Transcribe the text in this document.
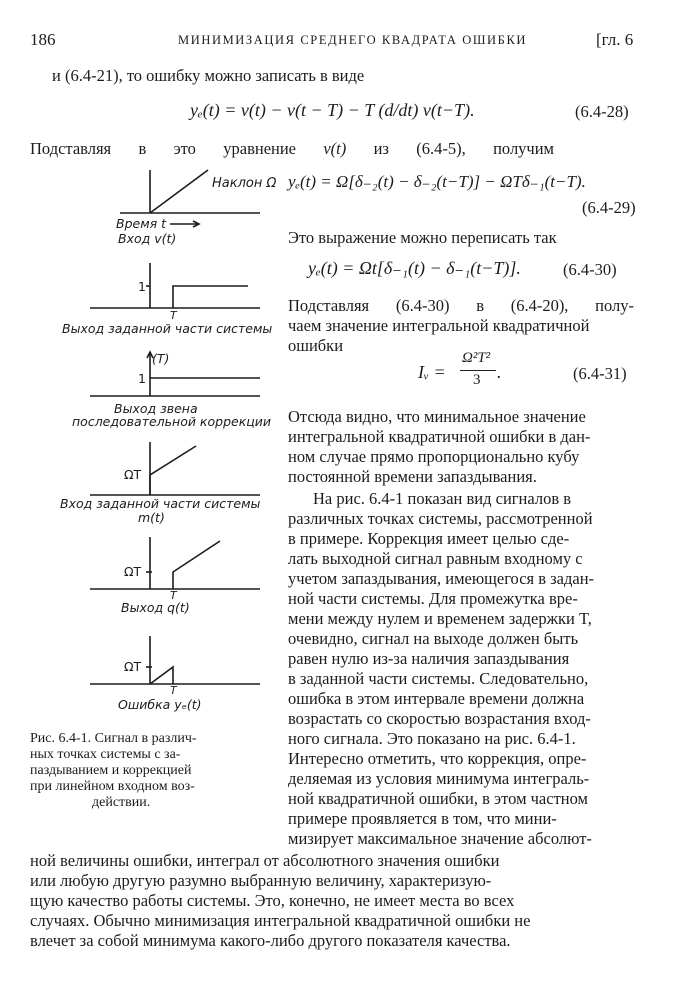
186	МИНИМИЗАЦИЯ СРЕДНЕГО КВАДРАТА ОШИБКИ	[гл. 6
и (6.4-21), то ошибку можно записать в виде
yₑ(t) = v(t) − v(t − T) − T (d/dt) v(t−T).	(6.4-28)
Подставляя в это уравнение v(t) из (6.4-5), получим
yₑ(t) = Ω[δ₋₂(t) − δ₋₂(t−T)] − ΩTδ₋₁(t−T).
(6.4-29)
Это выражение можно переписать так
yₑ(t) = Ωt[δ₋₁(t) − δ₋₁(t−T)].	(6.4-30)
Подставляя (6.4-30) в (6.4-20), полу-
чаем значение интегральной квадратичной
ошибки
Iᵥ =
Ω²T²
3 .	(6.4-31)
Отсюда видно, что минимальное значение
интегральной квадратичной ошибки в дан-
ном случае прямо пропорционально кубу
постоянной времени запаздывания.
На рис. 6.4-1 показан вид сигналов в
различных точках системы, рассмотренной
в примере. Коррекция имеет целью сде-
лать выходной сигнал равным входному с
учетом запаздывания, имеющегося в задан-
ной части системы. Для промежутка вре-
мени между нулем и временем задержки T,
очевидно, сигнал на выходе должен быть
равен нулю из-за наличия запаздывания
в заданной части системы. Следовательно,
ошибка в этом интервале времени должна
возрастать со скоростью возрастания вход-
ного сигнала. Это показано на рис. 6.4-1.
Интересно отметить, что коррекция, опре-
деляемая из условия минимума интеграль-
ной квадратичной ошибки, в этом частном
примере проявляется в том, что мини-
мизирует максимальное значение абсолют-
ной величины ошибки, интеграл от абсолютного значения ошибки
или любую другую разумно выбранную величину, характеризую-
щую качество работы системы. Это, конечно, не имеет места во всех
случаях. Обычно минимизация интегральной квадратичной ошибки не
влечет за собой минимума какого-либо другого показателя качества.
Наклон Ω
Время t
Вход v(t)
1
T
Выход заданной части системы
(T)
1
Выход звена
последовательной коррекции
ΩT
Вход заданной части системы
m(t)
ΩT
T
Выход q(t)
ΩT
T
Ошибка yₑ(t)
Рис. 6.4-1. Сигнал в различ-
ных точках системы с за-
паздыванием и коррекцией
при линейном входном воз-
действии.
